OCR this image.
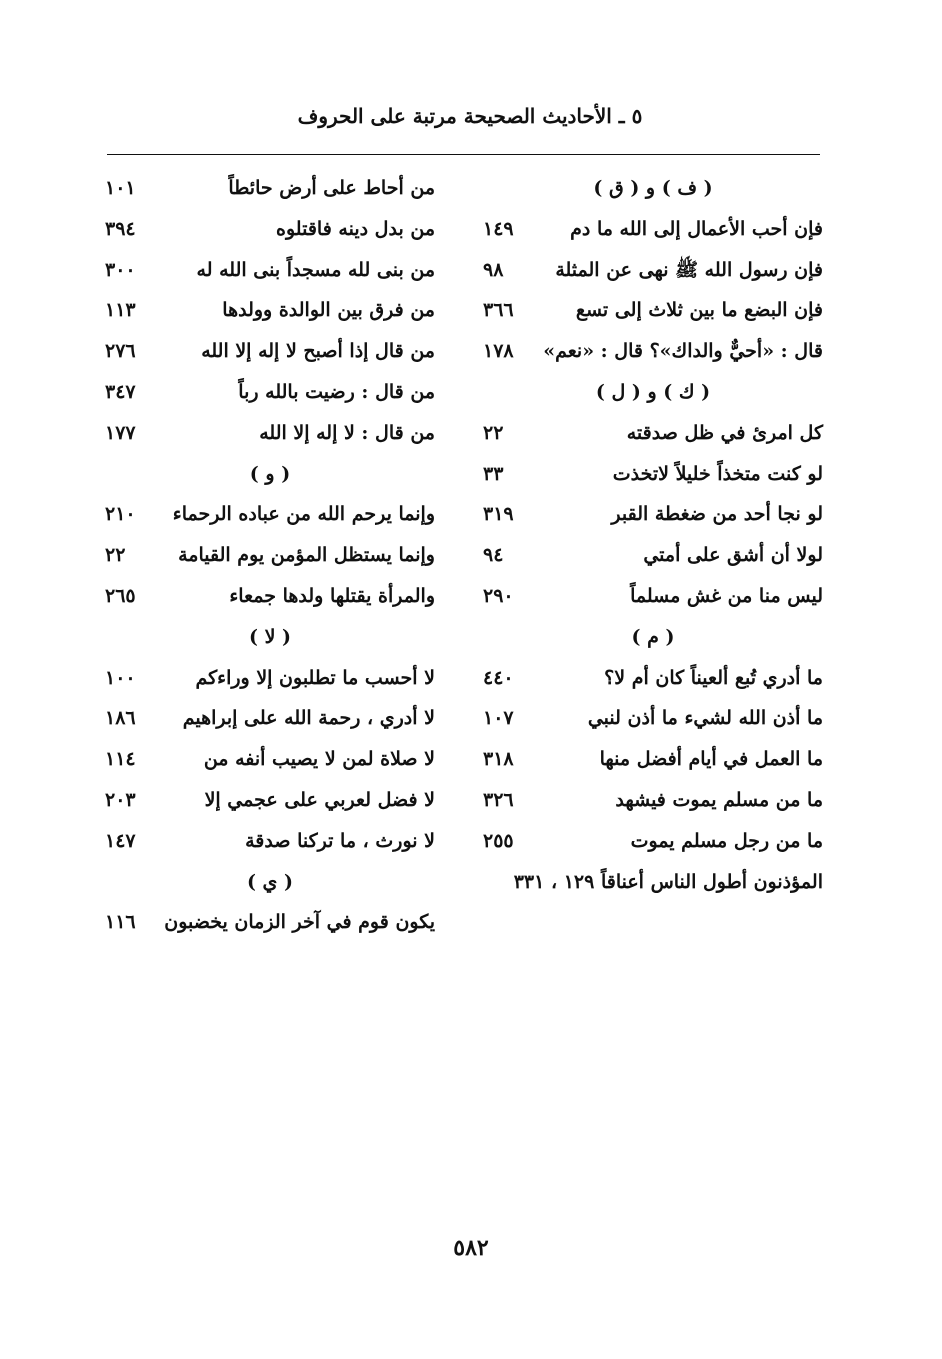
٥ ـ الأحاديث الصحيحة مرتبة على الحروف
( ف ) و ( ق )
فإن أحب الأعمال إلى الله ما دم
١٤٩
فإن رسول الله ﷺ نهى عن المثلة
٩٨
فإن البضع ما بين ثلاث إلى تسع
٣٦٦
قال : «أحيٌّ والداك»؟ قال : «نعم»
١٧٨
( ك ) و ( ل )
كل امرئ في ظل صدقته
٢٢
لو كنت متخذاً خليلاً لاتخذت
٣٣
لو نجا أحد من ضغطة القبر
٣١٩
لولا أن أشق على أمتي
٩٤
ليس منا من غش مسلماً
٢٩٠
( م )
ما أدري تُبع ألعيناً كان أم لا؟
٤٤٠
ما أذن الله لشيء ما أذن لنبي
١٠٧
ما العمل في أيام أفضل منها
٣١٨
ما من مسلم يموت فيشهد
٣٢٦
ما من رجل مسلم يموت
٢٥٥
المؤذنون أطول الناس أعناقاً ١٢٩ ، ٣٣١
من أحاط على أرض حائطاً
١٠١
من بدل دينه فاقتلوه
٣٩٤
من بنى لله مسجداً بنى الله له
٣٠٠
من فرق بين الوالدة وولدها
١١٣
من قال إذا أصبح لا إله إلا الله
٢٧٦
من قال : رضيت بالله رباً
٣٤٧
من قال : لا إله إلا الله
١٧٧
( و )
وإنما يرحم الله من عباده الرحماء
٢١٠
وإنما يستظل المؤمن يوم القيامة
٢٢
والمرأة يقتلها ولدها جمعاء
٢٦٥
( لا )
لا أحسب ما تطلبون إلا وراءكم
١٠٠
لا أدري ، رحمة الله على إبراهيم
١٨٦
لا صلاة لمن لا يصيب أنفه من
١١٤
لا فضل لعربي على عجمي إلا
٢٠٣
لا نورث ، ما تركنا صدقة
١٤٧
( ي )
يكون قوم في آخر الزمان يخضبون
١١٦
٥٨٢
